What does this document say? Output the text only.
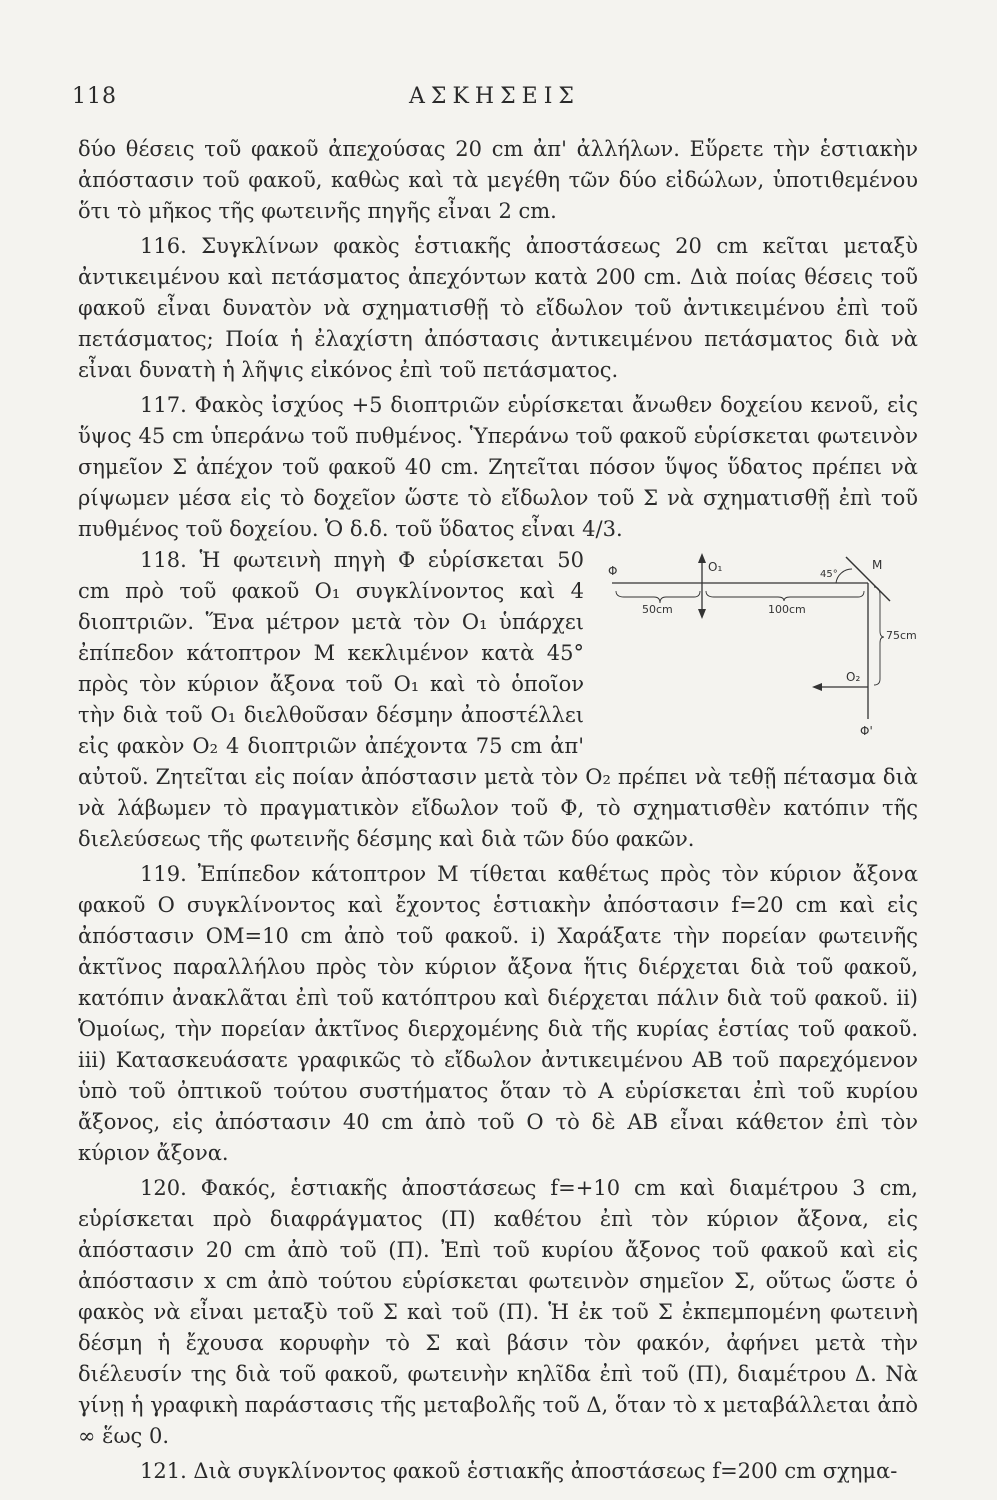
118	ΑΣΚΗΣΕΙΣ

δύο θέσεις τοῦ φακοῦ ἀπεχούσας 20 cm ἀπ' ἀλλήλων. Εὕρετε τὴν ἑστιακὴν ἀπόστασιν τοῦ φακοῦ, καθὼς καὶ τὰ μεγέθη τῶν δύο εἰδώλων, ὑποτιθεμένου ὅτι τὸ μῆκος τῆς φωτεινῆς πηγῆς εἶναι 2 cm.

116. Συγκλίνων φακὸς ἑστιακῆς ἀποστάσεως 20 cm κεῖται μεταξὺ ἀντικειμένου καὶ πετάσματος ἀπεχόντων κατὰ 200 cm. Διὰ ποίας θέσεις τοῦ φακοῦ εἶναι δυνατὸν νὰ σχηματισθῇ τὸ εἴδωλον τοῦ ἀντικειμένου ἐπὶ τοῦ πετάσματος; Ποία ἡ ἐλαχίστη ἀπόστασις ἀντικειμένου πετάσματος διὰ νὰ εἶναι δυνατὴ ἡ λῆψις εἰκόνος ἐπὶ τοῦ πετάσματος.

117. Φακὸς ἰσχύος +5 διοπτριῶν εὑρίσκεται ἄνωθεν δοχείου κενοῦ, εἰς ὕψος 45 cm ὑπεράνω τοῦ πυθμένος. Ὑπεράνω τοῦ φακοῦ εὑρίσκεται φωτεινὸν σημεῖον Σ ἀπέχον τοῦ φακοῦ 40 cm. Ζητεῖται πόσον ὕψος ὕδατος πρέπει νὰ ρίψωμεν μέσα εἰς τὸ δοχεῖον ὥστε τὸ εἴδωλον τοῦ Σ νὰ σχηματισθῇ ἐπὶ τοῦ πυθμένος τοῦ δοχείου. Ὁ δ.δ. τοῦ ὕδατος εἶναι 4/3.

Φ	O₁
45°
M
50cm	100cm
75cm
O₂
Φ'

118. Ἡ φωτεινὴ πηγὴ Φ εὑρίσκεται 50 cm πρὸ τοῦ φακοῦ O₁ συγκλίνοντος καὶ 4 διοπτριῶν. Ἕνα μέτρον μετὰ τὸν O₁ ὑπάρχει ἐπίπεδον κάτοπτρον M κεκλιμένον κατὰ 45° πρὸς τὸν κύριον ἄξονα τοῦ O₁ καὶ τὸ ὁποῖον τὴν διὰ τοῦ O₁ διελθοῦσαν δέσμην ἀποστέλλει εἰς φακὸν O₂ 4 διοπτριῶν ἀπέχοντα 75 cm ἀπ' αὐτοῦ. Ζητεῖται εἰς ποίαν ἀπόστασιν μετὰ τὸν O₂ πρέπει νὰ τεθῇ πέτασμα διὰ νὰ λάβωμεν τὸ πραγματικὸν εἴδωλον τοῦ Φ, τὸ σχηματισθὲν κατόπιν τῆς διελεύσεως τῆς φωτεινῆς δέσμης καὶ διὰ τῶν δύο φακῶν.

119. Ἐπίπεδον κάτοπτρον M τίθεται καθέτως πρὸς τὸν κύριον ἄξονα φακοῦ O συγκλίνοντος καὶ ἔχοντος ἑστιακὴν ἀπόστασιν f=20 cm καὶ εἰς ἀπόστασιν OM=10 cm ἀπὸ τοῦ φακοῦ. i) Χαράξατε τὴν πορείαν φωτεινῆς ἀκτῖνος παραλλήλου πρὸς τὸν κύριον ἄξονα ἥτις διέρχεται διὰ τοῦ φακοῦ, κατόπιν ἀνακλᾶται ἐπὶ τοῦ κατόπτρου καὶ διέρχεται πάλιν διὰ τοῦ φακοῦ. ii) Ὁμοίως, τὴν πορείαν ἀκτῖνος διερχομένης διὰ τῆς κυρίας ἑστίας τοῦ φακοῦ. iii) Κατασκευάσατε γραφικῶς τὸ εἴδωλον ἀντικειμένου AB τοῦ παρεχόμενον ὑπὸ τοῦ ὀπτικοῦ τούτου συστήματος ὅταν τὸ A εὑρίσκεται ἐπὶ τοῦ κυρίου ἄξονος, εἰς ἀπόστασιν 40 cm ἀπὸ τοῦ O τὸ δὲ AB εἶναι κάθετον ἐπὶ τὸν κύριον ἄξονα.

120. Φακός, ἑστιακῆς ἀποστάσεως f=+10 cm καὶ διαμέτρου 3 cm, εὑρίσκεται πρὸ διαφράγματος (Π) καθέτου ἐπὶ τὸν κύριον ἄξονα, εἰς ἀπόστασιν 20 cm ἀπὸ τοῦ (Π). Ἐπὶ τοῦ κυρίου ἄξονος τοῦ φακοῦ καὶ εἰς ἀπόστασιν x cm ἀπὸ τούτου εὑρίσκεται φωτεινὸν σημεῖον Σ, οὕτως ὥστε ὁ φακὸς νὰ εἶναι μεταξὺ τοῦ Σ καὶ τοῦ (Π). Ἡ ἐκ τοῦ Σ ἐκπεμπομένη φωτεινὴ δέσμη ἡ ἔχουσα κορυφὴν τὸ Σ καὶ βάσιν τὸν φακόν, ἀφήνει μετὰ τὴν διέλευσίν της διὰ τοῦ φακοῦ, φωτεινὴν κηλῖδα ἐπὶ τοῦ (Π), διαμέτρου Δ. Νὰ γίνῃ ἡ γραφικὴ παράστασις τῆς μεταβολῆς τοῦ Δ, ὅταν τὸ x μεταβάλλεται ἀπὸ ∞ ἕως 0.

121. Διὰ συγκλίνοντος φακοῦ ἑστιακῆς ἀποστάσεως f=200 cm σχημα-
